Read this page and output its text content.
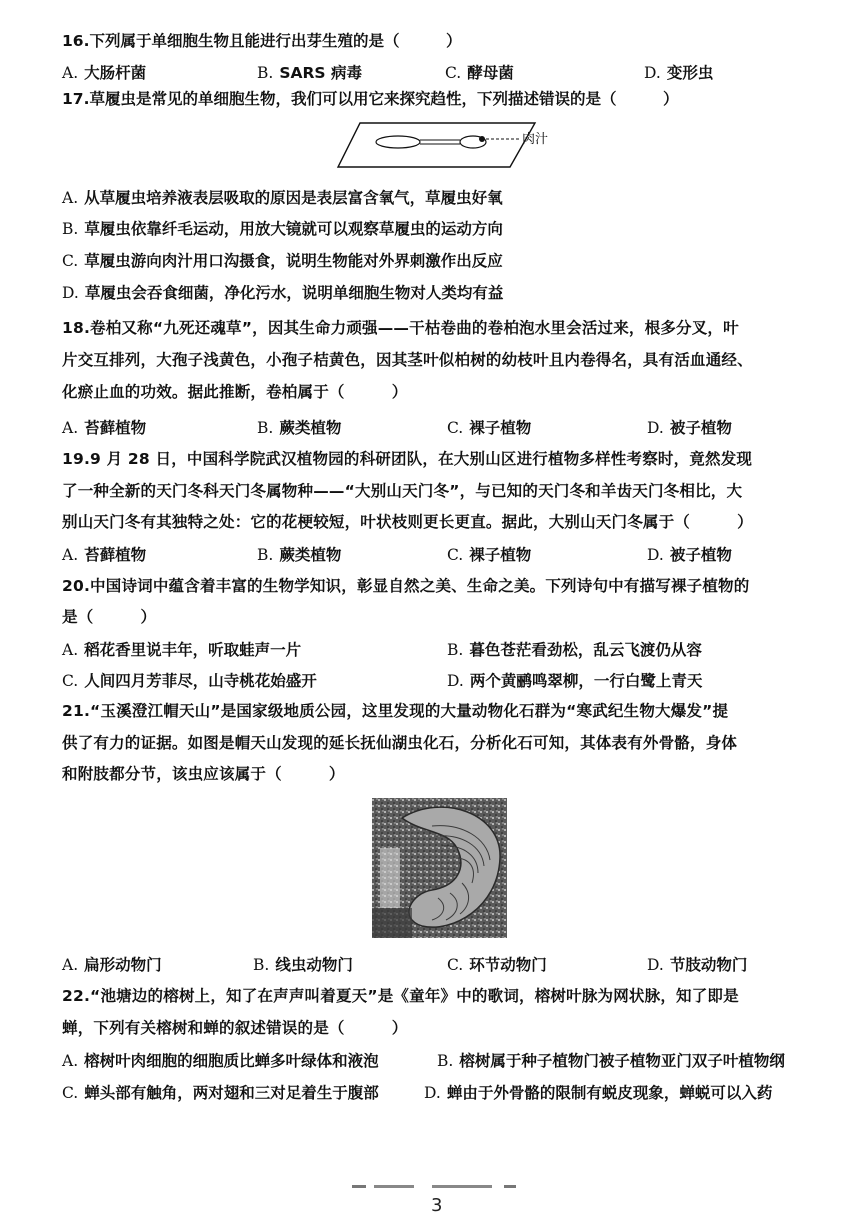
16.下列属于单细胞生物且能进行出芽生殖的是（　　　）
A. 大肠杆菌	B. SARS 病毒	C. 酵母菌	D. 变形虫
17.草履虫是常见的单细胞生物，我们可以用它来探究趋性，下列描述错误的是（　　　）
肉汁
A. 从草履虫培养液表层吸取的原因是表层富含氧气，草履虫好氧
B. 草履虫依靠纤毛运动，用放大镜就可以观察草履虫的运动方向
C. 草履虫游向肉汁用口沟摄食，说明生物能对外界刺激作出反应
D. 草履虫会吞食细菌，净化污水，说明单细胞生物对人类均有益
18.卷柏又称“九死还魂草”，因其生命力顽强——干枯卷曲的卷柏泡水里会活过来，根多分叉，叶
片交互排列，大孢子浅黄色，小孢子桔黄色，因其茎叶似柏树的幼枝叶且内卷得名，具有活血通经、
化瘀止血的功效。据此推断，卷柏属于（　　　）
A. 苔藓植物	B. 蕨类植物	C. 裸子植物	D. 被子植物
19.9 月 28 日，中国科学院武汉植物园的科研团队，在大别山区进行植物多样性考察时，竟然发现
了一种全新的天门冬科天门冬属物种——“大别山天门冬”，与已知的天门冬和羊齿天门冬相比，大
别山天门冬有其独特之处：它的花梗较短，叶状枝则更长更直。据此，大别山天门冬属于（　　　）
A. 苔藓植物	B. 蕨类植物	C. 裸子植物	D. 被子植物
20.中国诗词中蕴含着丰富的生物学知识，彰显自然之美、生命之美。下列诗句中有描写裸子植物的
是（　　　）
A. 稻花香里说丰年，听取蛙声一片	B. 暮色苍茫看劲松，乱云飞渡仍从容
C. 人间四月芳菲尽，山寺桃花始盛开	D. 两个黄鹂鸣翠柳，一行白鹭上青天
21.“玉溪澄江帽天山”是国家级地质公园，这里发现的大量动物化石群为“寒武纪生物大爆发”提
供了有力的证据。如图是帽天山发现的延长抚仙湖虫化石，分析化石可知，其体表有外骨骼，身体
和附肢都分节，该虫应该属于（　　　）
A. 扁形动物门	B. 线虫动物门	C. 环节动物门	D. 节肢动物门
22.“池塘边的榕树上，知了在声声叫着夏天”是《童年》中的歌词，榕树叶脉为网状脉，知了即是
蝉，下列有关榕树和蝉的叙述错误的是（　　　）
A. 榕树叶肉细胞的细胞质比蝉多叶绿体和液泡	B. 榕树属于种子植物门被子植物亚门双子叶植物纲
C. 蝉头部有触角，两对翅和三对足着生于腹部	D. 蝉由于外骨骼的限制有蜕皮现象，蝉蜕可以入药
3
